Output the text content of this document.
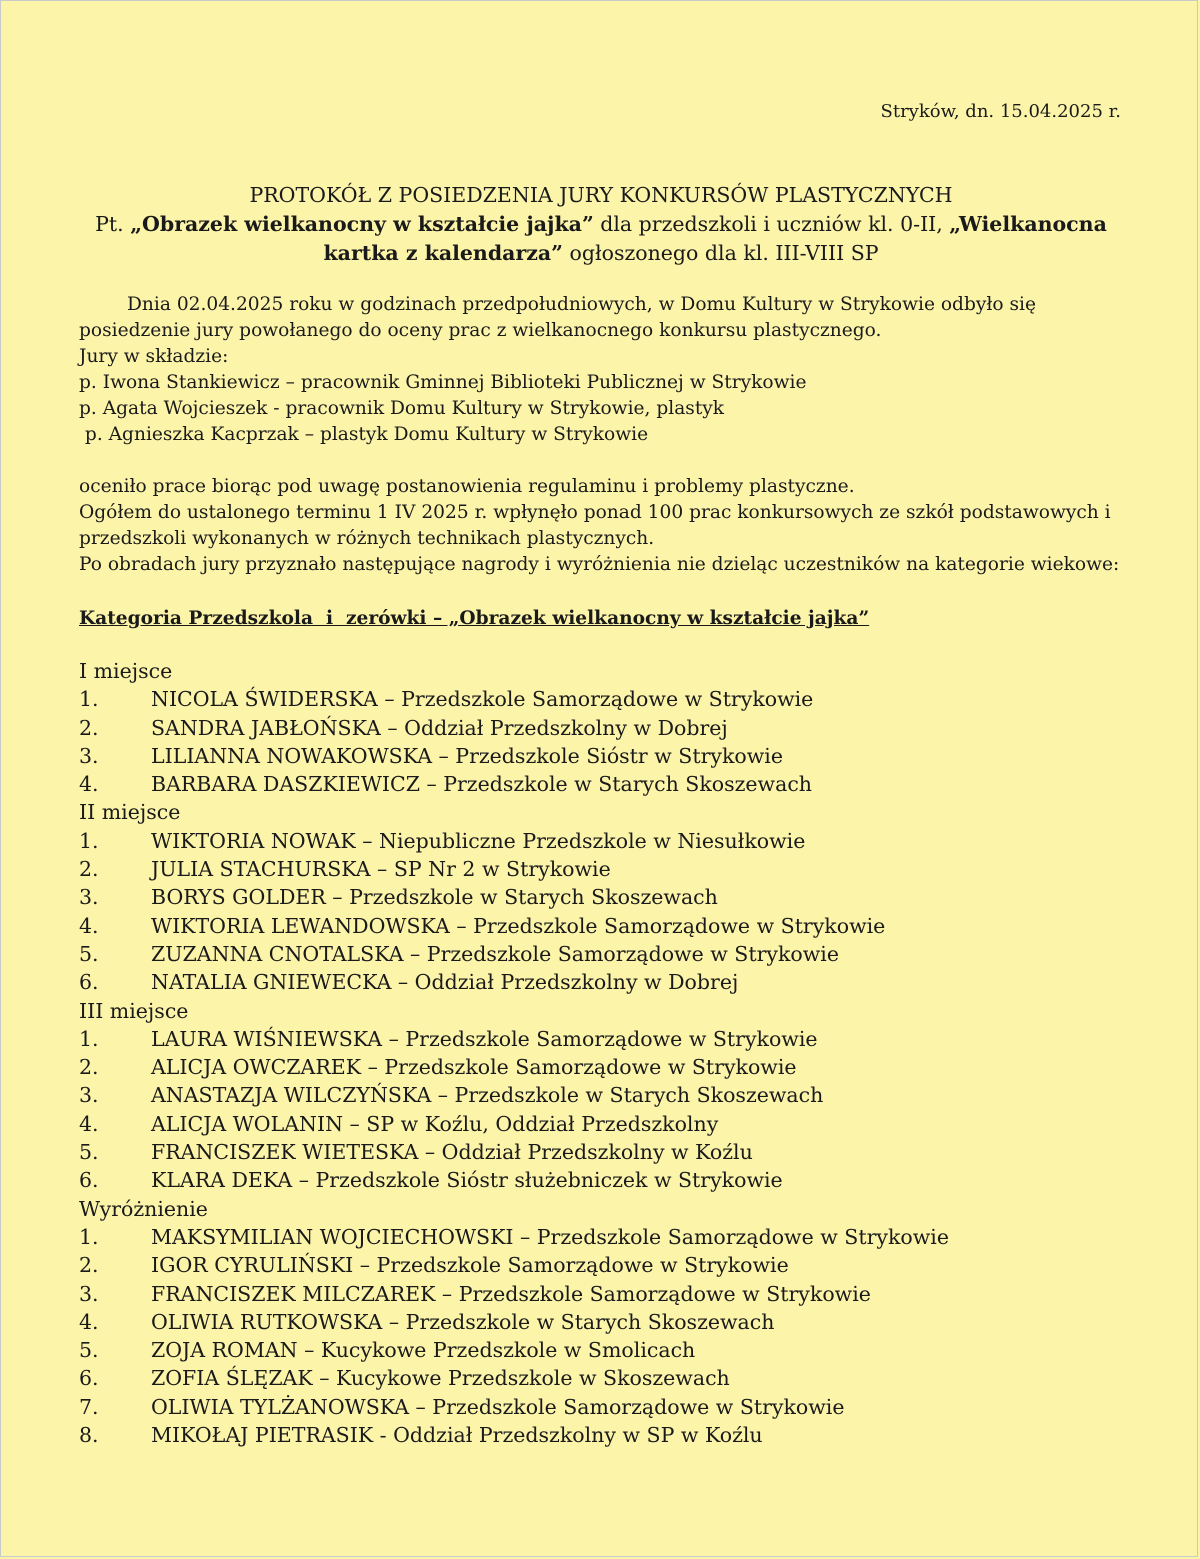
Stryków, dn. 15.04.2025 r.
PROTOKÓŁ Z POSIEDZENIA JURY KONKURSÓW PLASTYCZNYCH
Pt. „Obrazek wielkanocny w kształcie jajka” dla przedszkoli i uczniów kl. 0-II, „Wielkanocna kartka z kalendarza” ogłoszonego dla kl. III-VIII SP

Dnia 02.04.2025 roku w godzinach przedpołudniowych, w Domu Kultury w Strykowie odbyło się posiedzenie jury powołanego do oceny prac z wielkanocnego konkursu plastycznego.

Jury w składzie:

p. Iwona Stankiewicz – pracownik Gminnej Biblioteki Publicznej w Strykowie

p. Agata Wojcieszek - pracownik Domu Kultury w Strykowie, plastyk

p. Agnieszka Kacprzak – plastyk Domu Kultury w Strykowie

oceniło prace biorąc pod uwagę postanowienia regulaminu i problemy plastyczne.

Ogółem do ustalonego terminu 1 IV 2025 r. wpłynęło ponad 100 prac konkursowych ze szkół podstawowych i przedszkoli wykonanych w różnych technikach plastycznych.

Po obradach jury przyznało następujące nagrody i wyróżnienia nie dzieląc uczestników na kategorie wiekowe:

Kategoria Przedszkola  i  zerówki – „Obrazek wielkanocny w kształcie jajka”

I miejsce
1.	NICOLA ŚWIDERSKA – Przedszkole Samorządowe w Strykowie
2.	SANDRA JABŁOŃSKA – Oddział Przedszkolny w Dobrej
3.	LILIANNA NOWAKOWSKA – Przedszkole Sióstr w Strykowie
4.	BARBARA DASZKIEWICZ – Przedszkole w Starych Skoszewach
II miejsce
1.	WIKTORIA NOWAK – Niepubliczne Przedszkole w Niesułkowie
2.	JULIA STACHURSKA – SP Nr 2 w Strykowie
3.	BORYS GOLDER – Przedszkole w Starych Skoszewach
4.	WIKTORIA LEWANDOWSKA – Przedszkole Samorządowe w Strykowie
5.	ZUZANNA CNOTALSKA – Przedszkole Samorządowe w Strykowie
6.	NATALIA GNIEWECKA – Oddział Przedszkolny w Dobrej
III miejsce
1.	LAURA WIŚNIEWSKA – Przedszkole Samorządowe w Strykowie
2.	ALICJA OWCZAREK – Przedszkole Samorządowe w Strykowie
3.	ANASTAZJA WILCZYŃSKA – Przedszkole w Starych Skoszewach
4.	ALICJA WOLANIN – SP w Koźlu, Oddział Przedszkolny
5.	FRANCISZEK WIETESKA – Oddział Przedszkolny w Koźlu
6.	KLARA DEKA – Przedszkole Sióstr służebniczek w Strykowie
Wyróżnienie
1.	MAKSYMILIAN WOJCIECHOWSKI – Przedszkole Samorządowe w Strykowie
2.	IGOR CYRULIŃSKI – Przedszkole Samorządowe w Strykowie
3.	FRANCISZEK MILCZAREK – Przedszkole Samorządowe w Strykowie
4.	OLIWIA RUTKOWSKA – Przedszkole w Starych Skoszewach
5.	ZOJA ROMAN – Kucykowe Przedszkole w Smolicach
6.	ZOFIA ŚLĘZAK – Kucykowe Przedszkole w Skoszewach
7.	OLIWIA TYLŻANOWSKA – Przedszkole Samorządowe w Strykowie
8.	MIKOŁAJ PIETRASIK - Oddział Przedszkolny w SP w Koźlu
